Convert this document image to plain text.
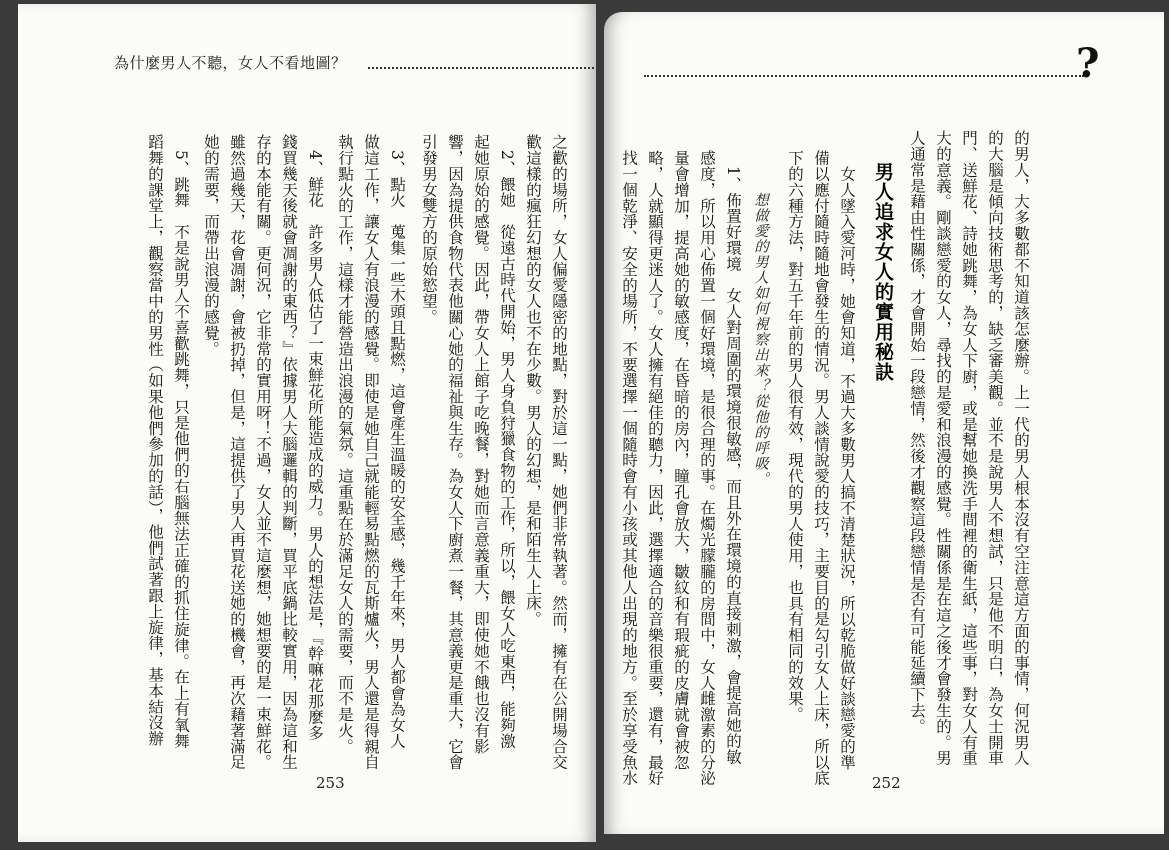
為什麼男人不聽，女人不看地圖？
之歡的場所，女人偏愛隱密的地點，對於這一點，她們非常執著。然而，擁有在公開場合交
歡這樣的瘋狂幻想的女人也不在少數。男人的幻想，是和陌生人上床。
2、餵她　從遠古時代開始，男人身負狩獵食物的工作，所以，餵女人吃東西，能夠激
起她原始的感覺。因此，帶女人上館子吃晚餐，對她而言意義重大，即使她不餓也沒有影
響，因為提供食物代表他關心她的福祉與生存。為女人下廚煮一餐，其意義更是重大，它會
引發男女雙方的原始慾望。
3、點火　蒐集一些木頭且點燃，這會產生溫暖的安全感，幾千年來，男人都會為女人
做這工作，讓女人有浪漫的感覺。即使是她自己就能輕易點燃的瓦斯爐火，男人還是得親自
執行點火的工作，這樣才能營造出浪漫的氣氛。這重點在於滿足女人的需要，而不是火。
4、鮮花　許多男人低估了一束鮮花所能造成的威力。男人的想法是，『幹嘛花那麼多
錢買幾天後就會凋謝的東西？』依據男人大腦邏輯的判斷，買平底鍋比較實用，因為這和生
存的本能有關。更何況，它非常的實用呀！不過，女人並不這麼想，她想要的是一束鮮花。
雖然過幾天，花會凋謝，會被扔掉，但是，這提供了男人再買花送她的機會，再次藉著滿足
她的需要，而帶出浪漫的感覺。
5、跳舞　不是說男人不喜歡跳舞，只是他們的右腦無法正確的抓住旋律。在上有氧舞
蹈舞的課堂上，觀察當中的男性（如果他們參加的話），他們試著跟上旋律，基本結沒辦
253
?
的男人，大多數都不知道該怎麼辦。上一代的男人根本沒有空注意這方面的事情，何況男人
的大腦是傾向技術思考的，缺乏審美觀。並不是說男人不想試，只是他不明白，為女士開車
門、送鮮花、詩她跳舞，為女人下廚，或是幫她換洗手間裡的衛生紙，這些事，對女人有重
大的意義。剛談戀愛的女人，尋找的是愛和浪漫的感覺。性關係是在這之後才會發生的。男
人通常是藉由性關係，才會開始一段戀情，然後才觀察這段戀情是否有可能延續下去。
男人追求女人的實用秘訣
女人墜入愛河時，她會知道，不過大多數男人搞不清楚狀況，所以乾脆做好談戀愛的準
備以應付隨時隨地會發生的情況。男人談情說愛的技巧，主要目的是勾引女人上床，所以底
下的六種方法，對五千年前的男人很有效，現代的男人使用，也具有相同的效果。
想做愛的男人如何視察出來？從他的呼吸。
1、佈置好環境　女人對周圍的環境很敏感，而且外在環境的直接刺激，會提高她的敏
感度，所以用心佈置一個好環境，是很合理的事。在燭光朦朧的房間中，女人雌激素的分泌
量會增加，提高她的敏感度，在昏暗的房內，瞳孔會放大，皺紋和有瑕疵的皮膚就會被忽
略，人就顯得更迷人了。女人擁有絕佳的聽力，因此，選擇適合的音樂很重要，還有，最好
找一個乾淨、安全的場所，不要選擇一個隨時會有小孩或其他人出現的地方。至於享受魚水	252
